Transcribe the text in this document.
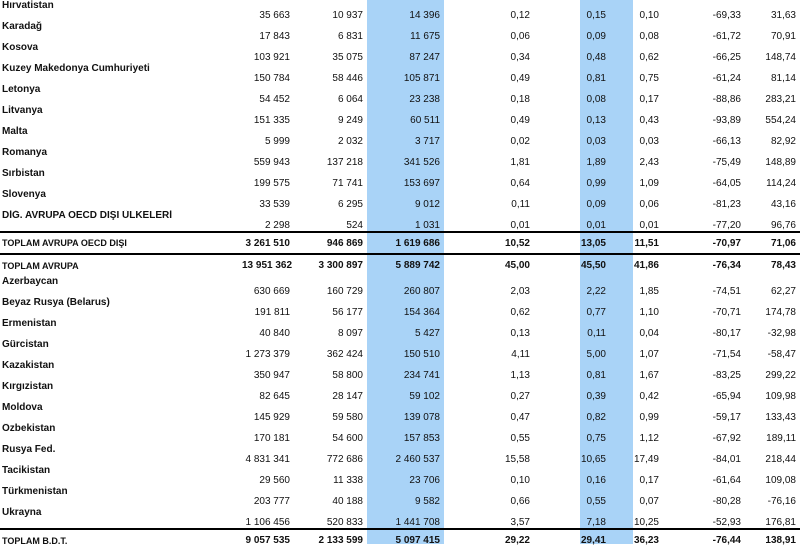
Hırvatistan	35 663	10 937	14 396	0,12	0,15	0,10	-69,33	31,63
Karadağ	17 843	6 831	11 675	0,06	0,09	0,08	-61,72	70,91
Kosova	103 921	35 075	87 247	0,34	0,48	0,62	-66,25	148,74
Kuzey Makedonya Cumhuriyeti	150 784	58 446	105 871	0,49	0,81	0,75	-61,24	81,14
Letonya	54 452	6 064	23 238	0,18	0,08	0,17	-88,86	283,21
Litvanya	151 335	9 249	60 511	0,49	0,13	0,43	-93,89	554,24
Malta	5 999	2 032	3 717	0,02	0,03	0,03	-66,13	82,92
Romanya	559 943	137 218	341 526	1,81	1,89	2,43	-75,49	148,89
Sırbistan	199 575	71 741	153 697	0,64	0,99	1,09	-64,05	114,24
Slovenya	33 539	6 295	9 012	0,11	0,09	0,06	-81,23	43,16
DİĞ. AVRUPA OECD DIŞI ÜLKELERİ	2 298	524	1 031	0,01	0,01	0,01	-77,20	96,76
TOPLAM AVRUPA OECD DIŞI	3 261 510	946 869	1 619 686	10,52	13,05	11,51	-70,97	71,06
TOPLAM AVRUPA	13 951 362	3 300 897	5 889 742	45,00	45,50	41,86	-76,34	78,43
Azerbaycan	630 669	160 729	260 807	2,03	2,22	1,85	-74,51	62,27
Beyaz Rusya (Belarus)	191 811	56 177	154 364	0,62	0,77	1,10	-70,71	174,78
Ermenistan	40 840	8 097	5 427	0,13	0,11	0,04	-80,17	-32,98
Gürcistan	1 273 379	362 424	150 510	4,11	5,00	1,07	-71,54	-58,47
Kazakistan	350 947	58 800	234 741	1,13	0,81	1,67	-83,25	299,22
Kırgızistan	82 645	28 147	59 102	0,27	0,39	0,42	-65,94	109,98
Moldova	145 929	59 580	139 078	0,47	0,82	0,99	-59,17	133,43
Özbekistan	170 181	54 600	157 853	0,55	0,75	1,12	-67,92	189,11
Rusya Fed.	4 831 341	772 686	2 460 537	15,58	10,65	17,49	-84,01	218,44
Tacikistan	29 560	11 338	23 706	0,10	0,16	0,17	-61,64	109,08
Türkmenistan	203 777	40 188	9 582	0,66	0,55	0,07	-80,28	-76,16
Ukrayna	1 106 456	520 833	1 441 708	3,57	7,18	10,25	-52,93	176,81
TOPLAM B.D.T.	9 057 535	2 133 599	5 097 415	29,22	29,41	36,23	-76,44	138,91
